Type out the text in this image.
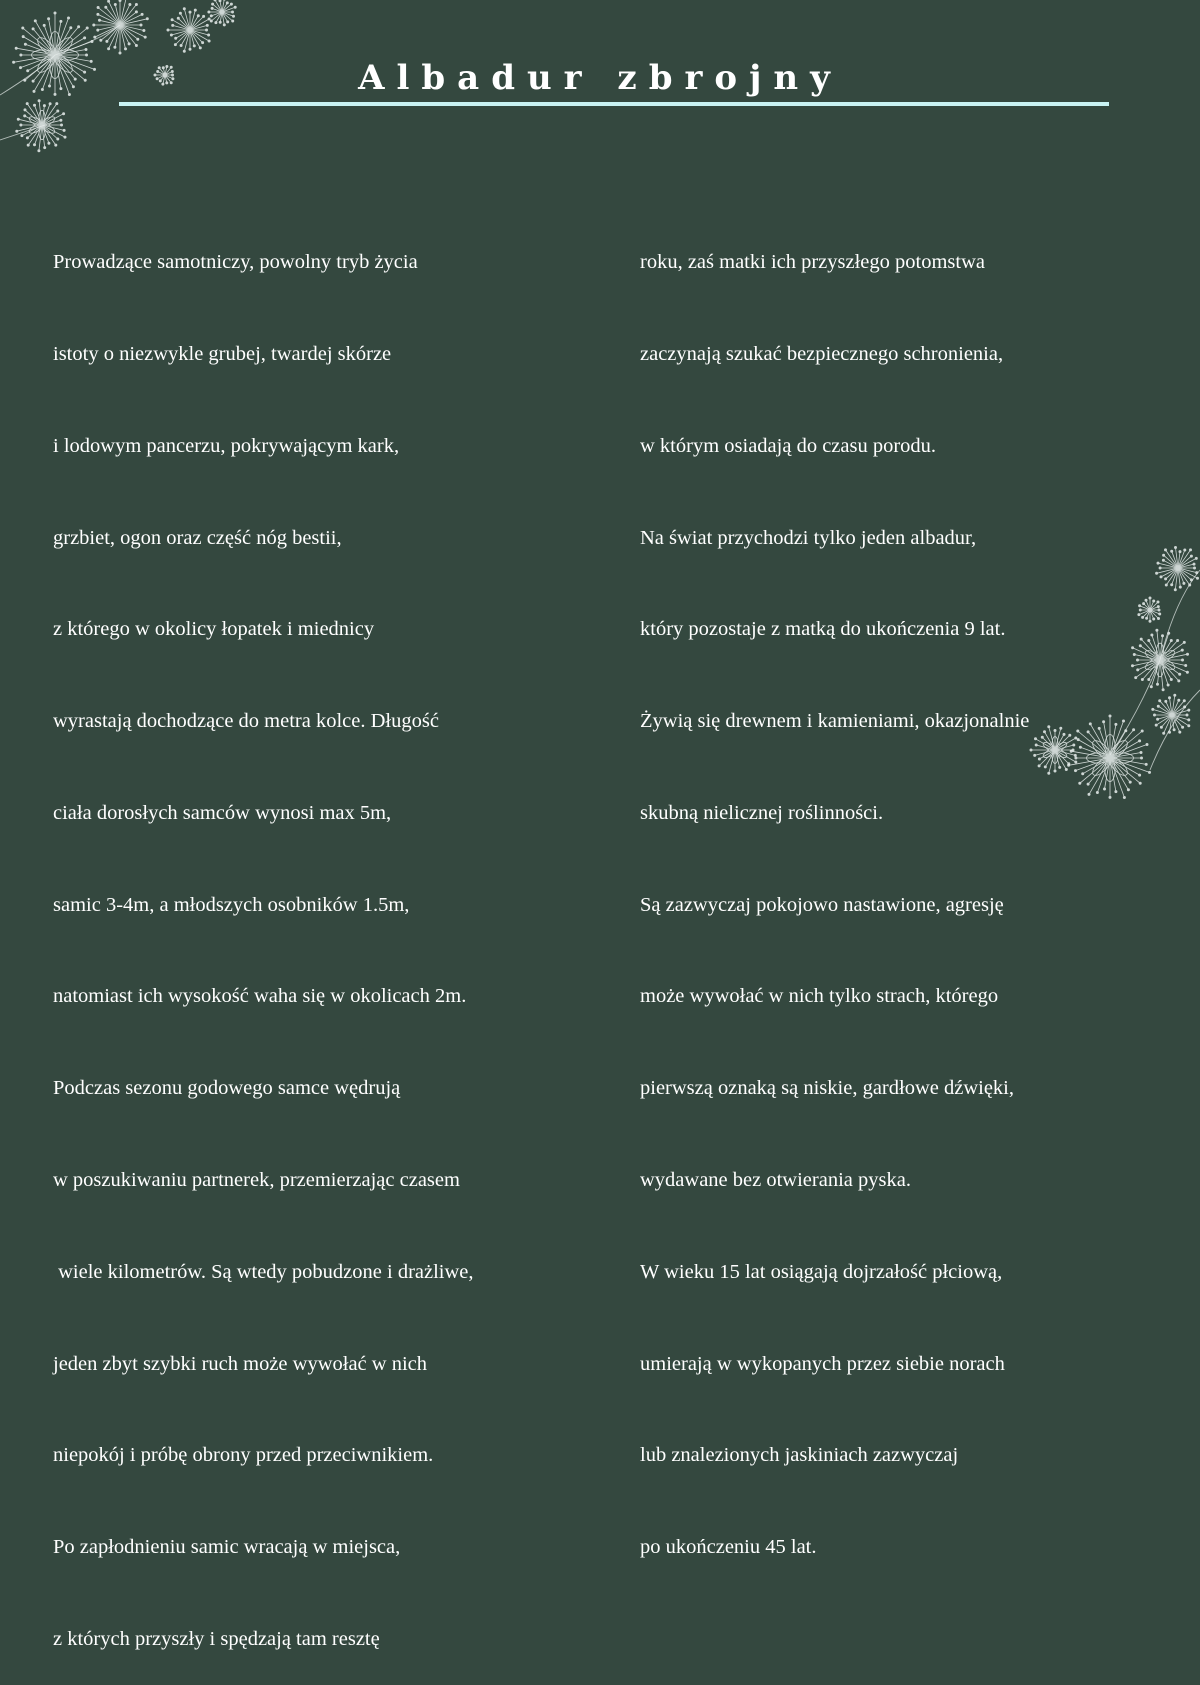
Albadur zbrojny

Prowadzące samotniczy, powolny tryb życia

istoty o niezwykle grubej, twardej skórze

i lodowym pancerzu, pokrywającym kark,

grzbiet, ogon oraz część nóg bestii,

z którego w okolicy łopatek i miednicy

wyrastają dochodzące do metra kolce. Długość

ciała dorosłych samców wynosi max 5m,

samic 3-4m, a młodszych osobników 1.5m,

natomiast ich wysokość waha się w okolicach 2m.

Podczas sezonu godowego samce wędrują

w poszukiwaniu partnerek, przemierzając czasem

wiele kilometrów. Są wtedy pobudzone i drażliwe,

jeden zbyt szybki ruch może wywołać w nich

niepokój i próbę obrony przed przeciwnikiem.

Po zapłodnieniu samic wracają w miejsca,

z których przyszły i spędzają tam resztę

roku, zaś matki ich przyszłego potomstwa

zaczynają szukać bezpiecznego schronienia,

w którym osiadają do czasu porodu.

Na świat przychodzi tylko jeden albadur,

który pozostaje z matką do ukończenia 9 lat.

Żywią się drewnem i kamieniami, okazjonalnie

skubną nielicznej roślinności.

Są zazwyczaj pokojowo nastawione, agresję

może wywołać w nich tylko strach, którego

pierwszą oznaką są niskie, gardłowe dźwięki,

wydawane bez otwierania pyska.

W wieku 15 lat osiągają dojrzałość płciową,

umierają w wykopanych przez siebie norach

lub znalezionych jaskiniach zazwyczaj

po ukończeniu 45 lat.
